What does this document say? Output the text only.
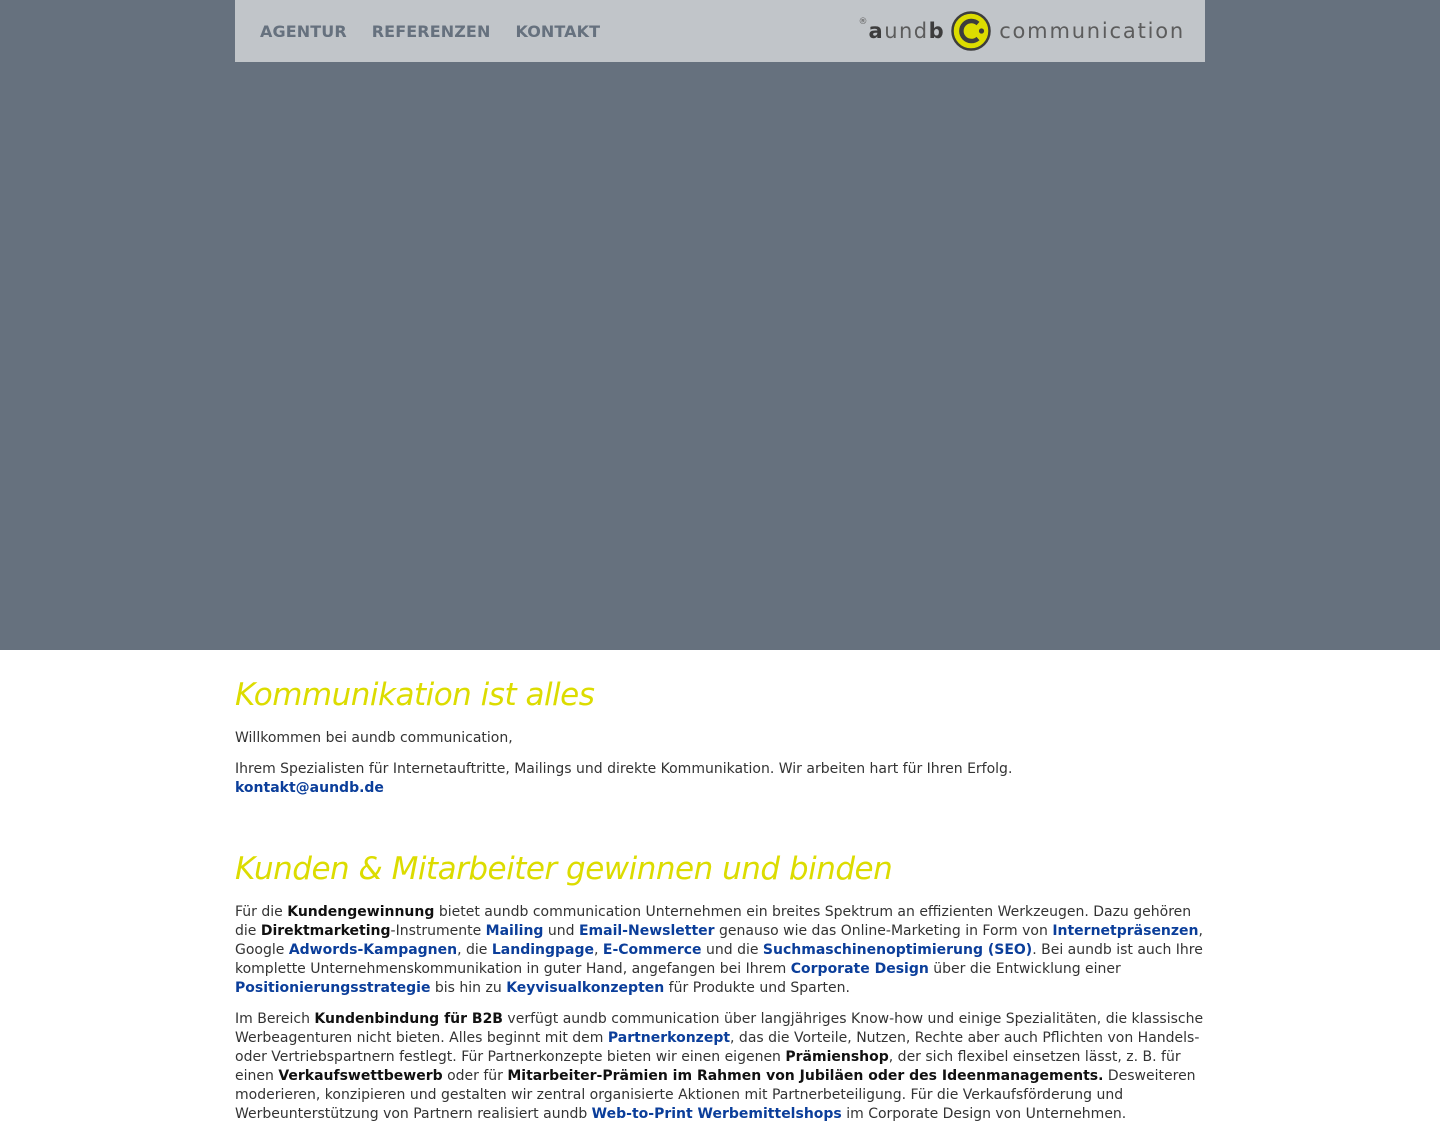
AGENTUR REFERENZEN KONTAKT	® aundb	communication
Kommunikation ist alles

Willkommen bei aundb communication,

Ihrem Spezialisten für Internetauftritte, Mailings und direkte Kommunikation. Wir arbeiten hart für Ihren Erfolg.
kontakt@aundb.de

Kunden & Mitarbeiter gewinnen und binden

Für die Kundengewinnung bietet aundb communication Unternehmen ein breites Spektrum an effizienten Werkzeugen. Dazu gehören die Direktmarketing-Instrumente Mailing und Email-Newsletter genauso wie das Online-Marketing in Form von Internetpräsenzen, Google Adwords-Kampagnen, die Landingpage, E-Commerce und die Suchmaschinenoptimierung (SEO). Bei aundb ist auch Ihre komplette Unternehmenskommunikation in guter Hand, angefangen bei Ihrem Corporate Design über die Entwicklung einer Positionierungsstrategie bis hin zu Keyvisualkonzepten für Produkte und Sparten.

Im Bereich Kundenbindung für B2B verfügt aundb communication über langjähriges Know-how und einige Spezialitäten, die klassische Werbeagenturen nicht bieten. Alles beginnt mit dem Partnerkonzept, das die Vorteile, Nutzen, Rechte aber auch Pflichten von Handels- oder Vertriebspartnern festlegt. Für Partnerkonzepte bieten wir einen eigenen Prämienshop, der sich flexibel einsetzen lässt, z. B. für einen Verkaufswettbewerb oder für Mitarbeiter-Prämien im Rahmen von Jubiläen oder des Ideenmanagements. Desweiteren moderieren, konzipieren und gestalten wir zentral organisierte Aktionen mit Partnerbeteiligung. Für die Verkaufsförderung und Werbeunterstützung von Partnern realisiert aundb Web-to-Print Werbemittelshops im Corporate Design von Unternehmen.
